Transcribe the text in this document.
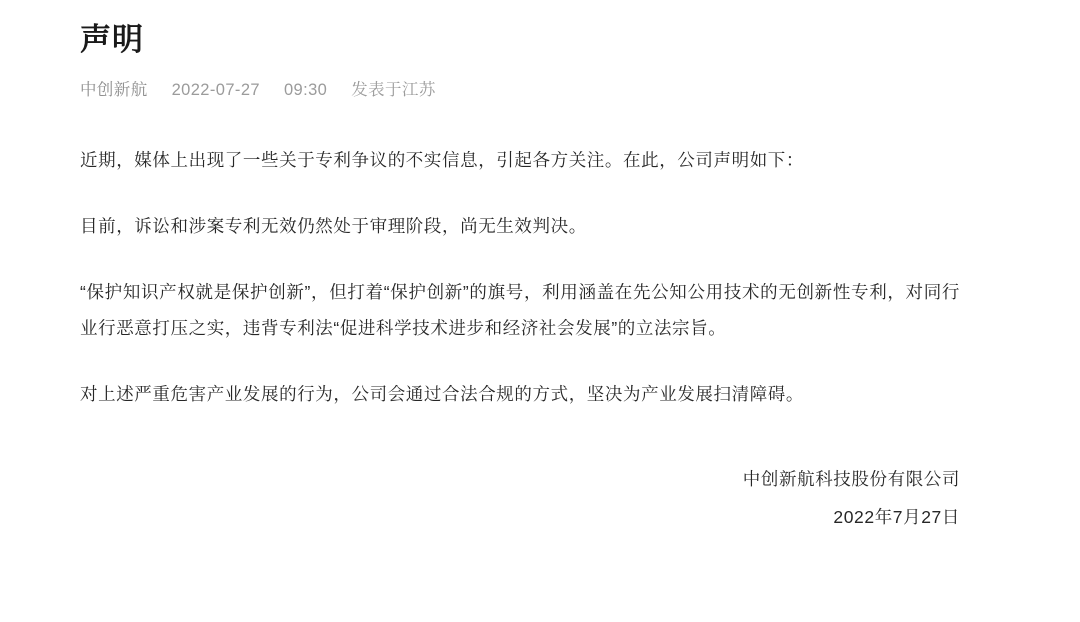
声明
中创新航 2022-07-27 09:30 发表于江苏

近期，媒体上出现了一些关于专利争议的不实信息，引起各方关注。在此，公司声明如下：

目前，诉讼和涉案专利无效仍然处于审理阶段，尚无生效判决。

“保护知识产权就是保护创新”，但打着“保护创新”的旗号，利用涵盖在先公知公用技术的无创新性专利，对同行业行恶意打压之实，违背专利法“促进科学技术进步和经济社会发展”的立法宗旨。

对上述严重危害产业发展的行为，公司会通过合法合规的方式，坚决为产业发展扫清障碍。

中创新航科技股份有限公司
2022年7月27日
